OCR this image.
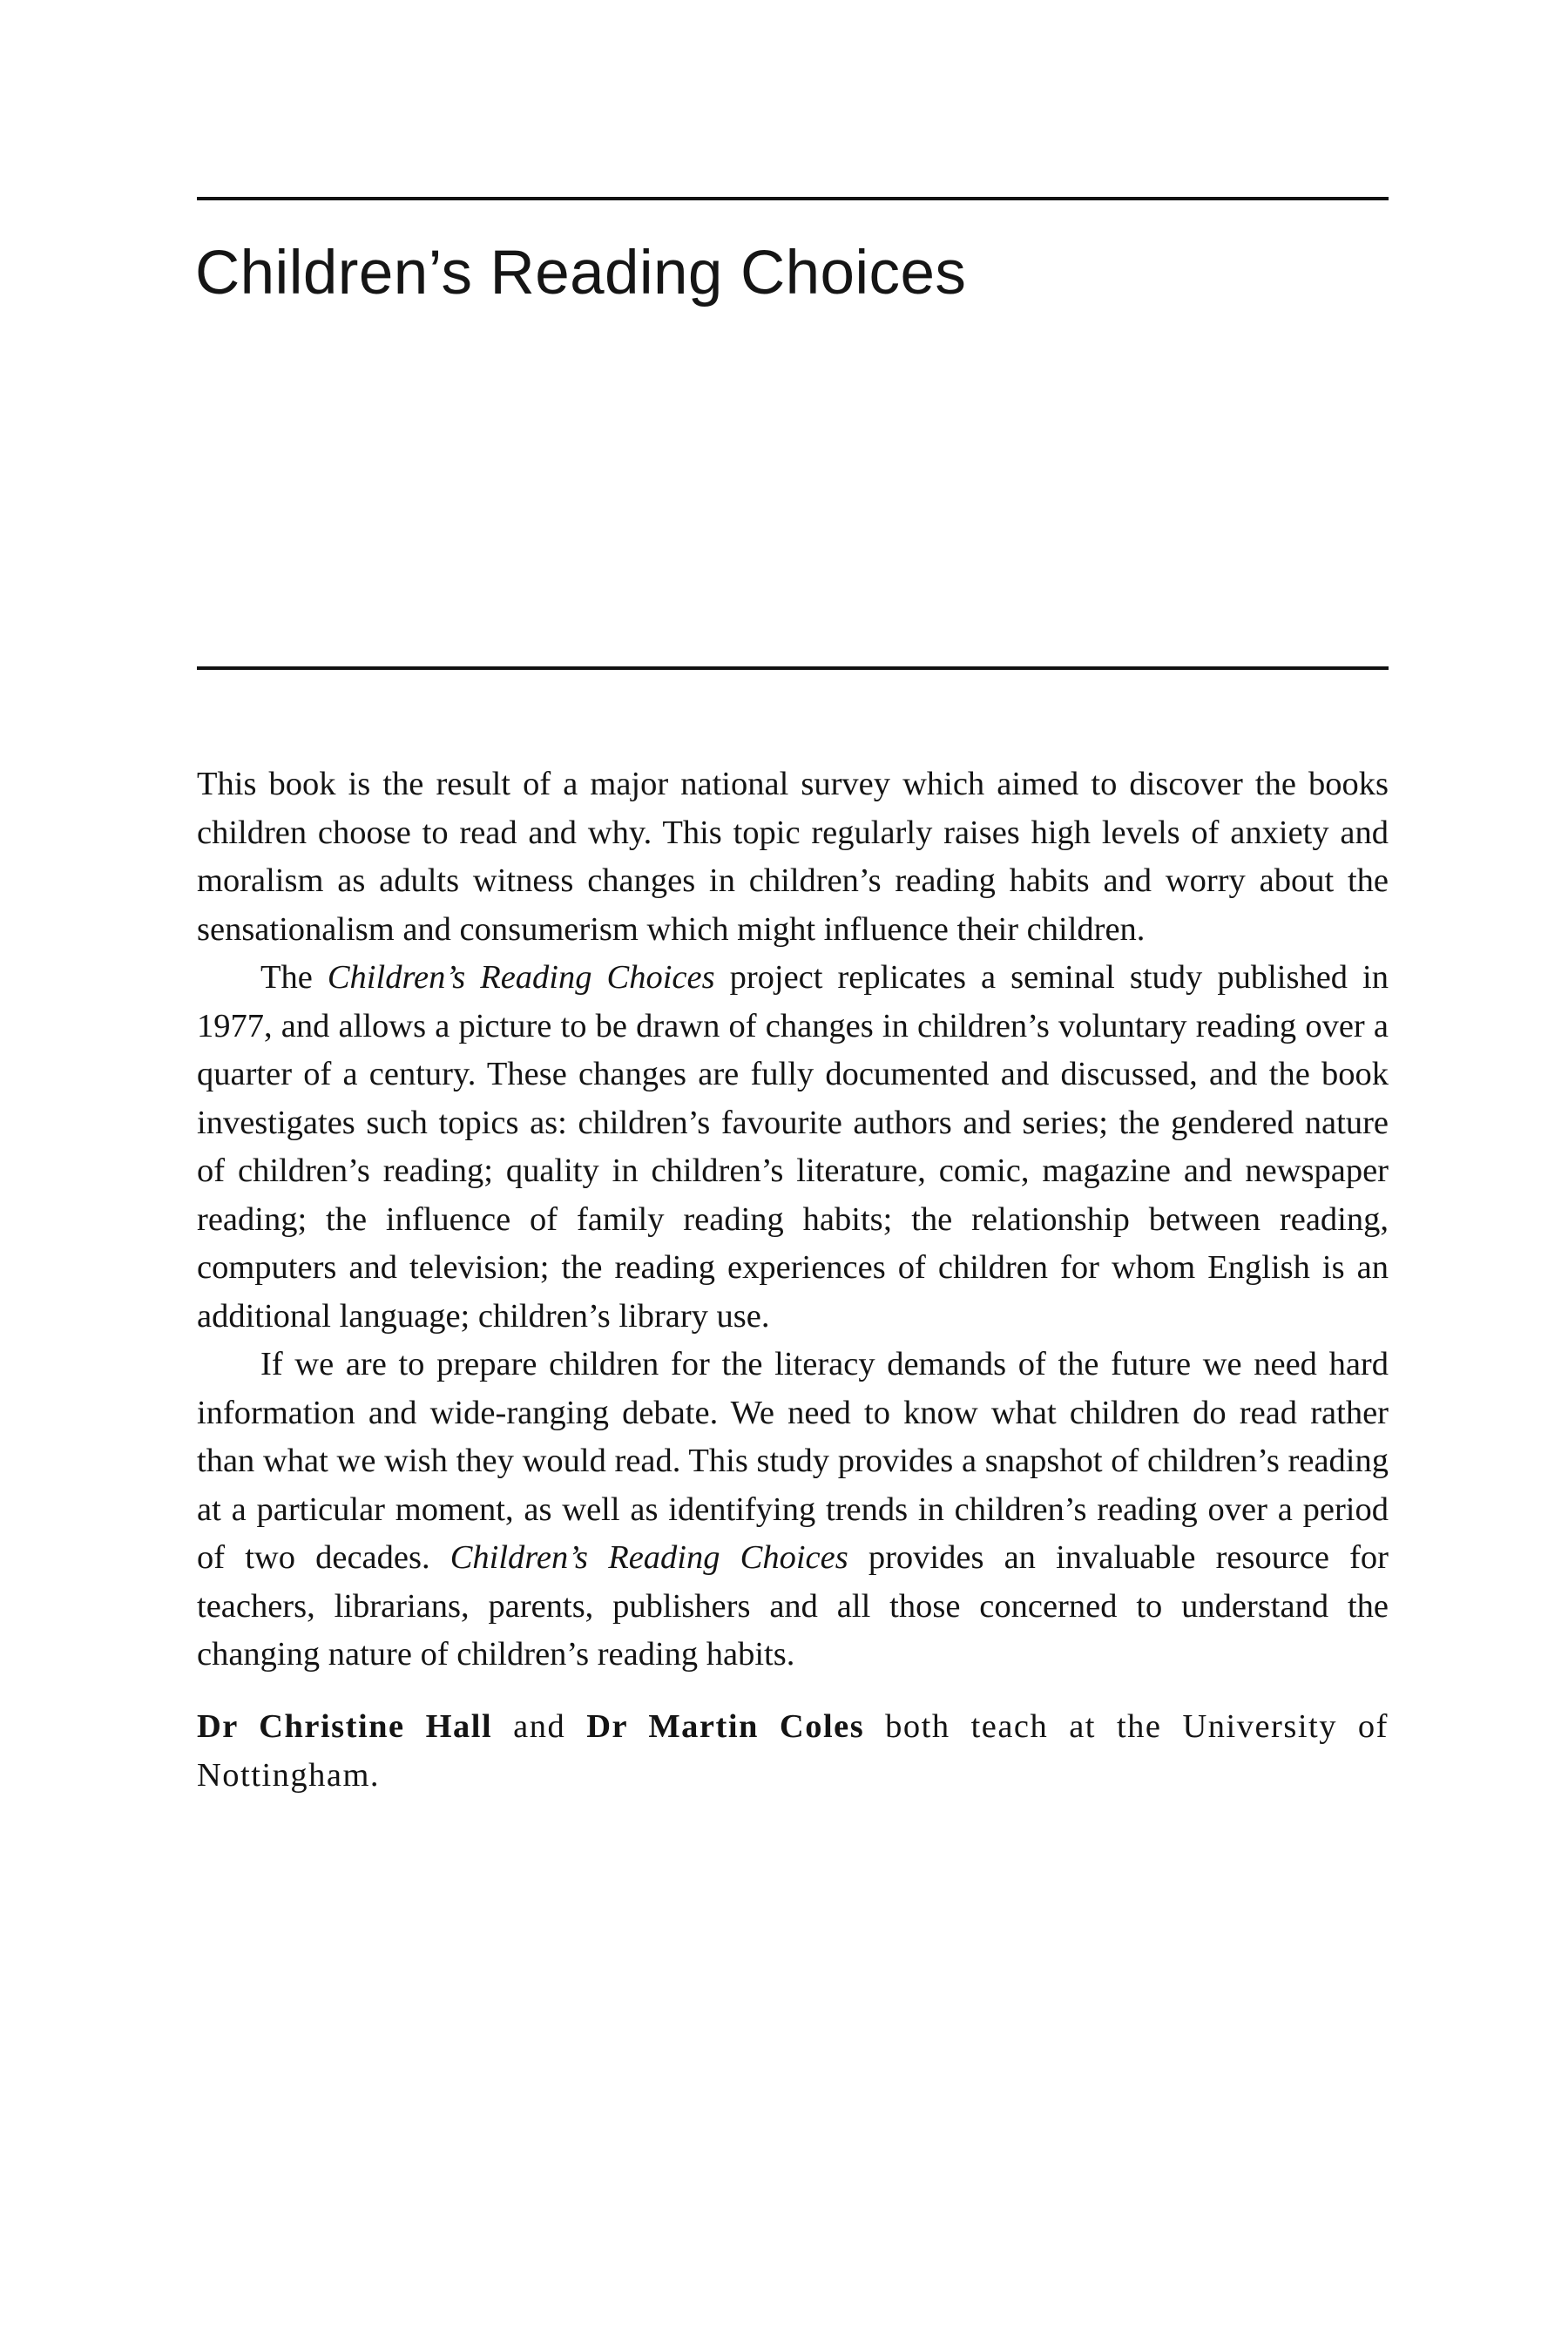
Children’s Reading Choices

This book is the result of a major national survey which aimed to discover the books children choose to read and why. This topic regularly raises high levels of anxiety and moralism as adults witness changes in children’s reading habits and worry about the sensationalism and consumerism which might influence their children.

The Children’s Reading Choices project replicates a seminal study published in 1977, and allows a picture to be drawn of changes in children’s voluntary reading over a quarter of a century. These changes are fully documented and discussed, and the book investigates such topics as: children’s favourite authors and series; the gendered nature of children’s reading; quality in children’s literature, comic, magazine and newspaper reading; the influence of family reading habits; the relationship between reading, computers and television; the reading experiences of children for whom English is an additional language; children’s library use.

If we are to prepare children for the literacy demands of the future we need hard information and wide-ranging debate. We need to know what children do read rather than what we wish they would read. This study provides a snapshot of children’s reading at a particular moment, as well as identifying trends in children’s reading over a period of two decades. Children’s Reading Choices provides an invaluable resource for teachers, librarians, parents, publishers and all those concerned to understand the changing nature of children’s reading habits.

Dr Christine Hall and Dr Martin Coles both teach at the University of Nottingham.
